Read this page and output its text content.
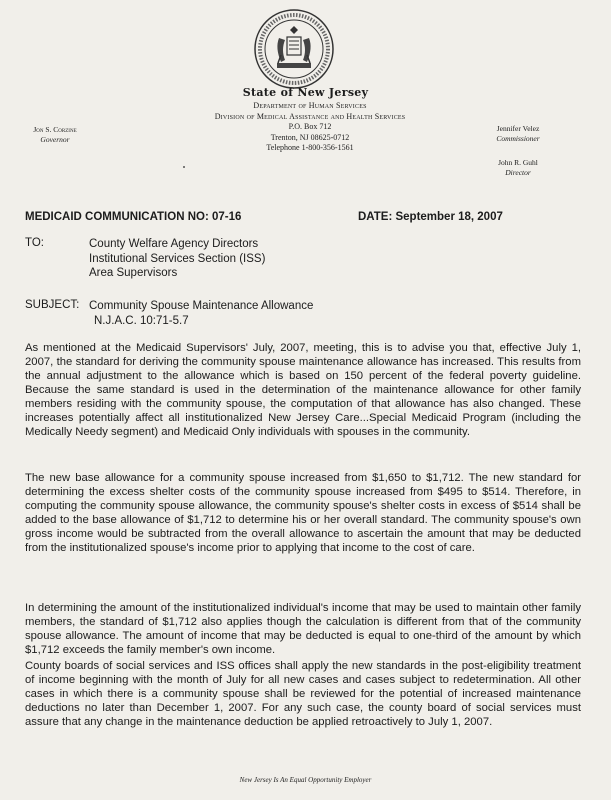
State of New Jersey
Department of Human Services
Division of Medical Assistance and Health Services
P.O. Box 712
Trenton, NJ 08625-0712
Telephone 1-800-356-1561
Jon S. Corzine
Governor
Jennifer Velez
Commissioner
John R. Guhl
Director
MEDICAID COMMUNICATION NO: 07-16	DATE: September 18, 2007
TO:	County Welfare Agency Directors
Institutional Services Section (ISS)
Area Supervisors
SUBJECT: Community Spouse Maintenance Allowance
N.J.A.C. 10:71-5.7

As mentioned at the Medicaid Supervisors' July, 2007, meeting, this is to advise you that, effective July 1, 2007, the standard for deriving the community spouse maintenance allowance has increased. This results from the annual adjustment to the allowance which is based on 150 percent of the federal poverty guideline. Because the same standard is used in the determination of the maintenance allowance for other family members residing with the community spouse, the computation of that allowance has also changed. These increases potentially affect all institutionalized New Jersey Care...Special Medicaid Program (including the Medically Needy segment) and Medicaid Only individuals with spouses in the community.

The new base allowance for a community spouse increased from $1,650 to $1,712. The new standard for determining the excess shelter costs of the community spouse increased from $495 to $514. Therefore, in computing the community spouse allowance, the community spouse's shelter costs in excess of $514 shall be added to the base allowance of $1,712 to determine his or her overall standard. The community spouse's own gross income would be subtracted from the overall allowance to ascertain the amount that may be deducted from the institutionalized spouse's income prior to applying that income to the cost of care.

In determining the amount of the institutionalized individual's income that may be used to maintain other family members, the standard of $1,712 also applies though the calculation is different from that of the community spouse allowance. The amount of income that may be deducted is equal to one-third of the amount by which $1,712 exceeds the family member's own income.

County boards of social services and ISS offices shall apply the new standards in the post-eligibility treatment of income beginning with the month of July for all new cases and cases subject to redetermination. All other cases in which there is a community spouse shall be reviewed for the potential of increased maintenance deductions no later than December 1, 2007. For any such case, the county board of social services must assure that any change in the maintenance deduction be applied retroactively to July 1, 2007.

New Jersey Is An Equal Opportunity Employer
